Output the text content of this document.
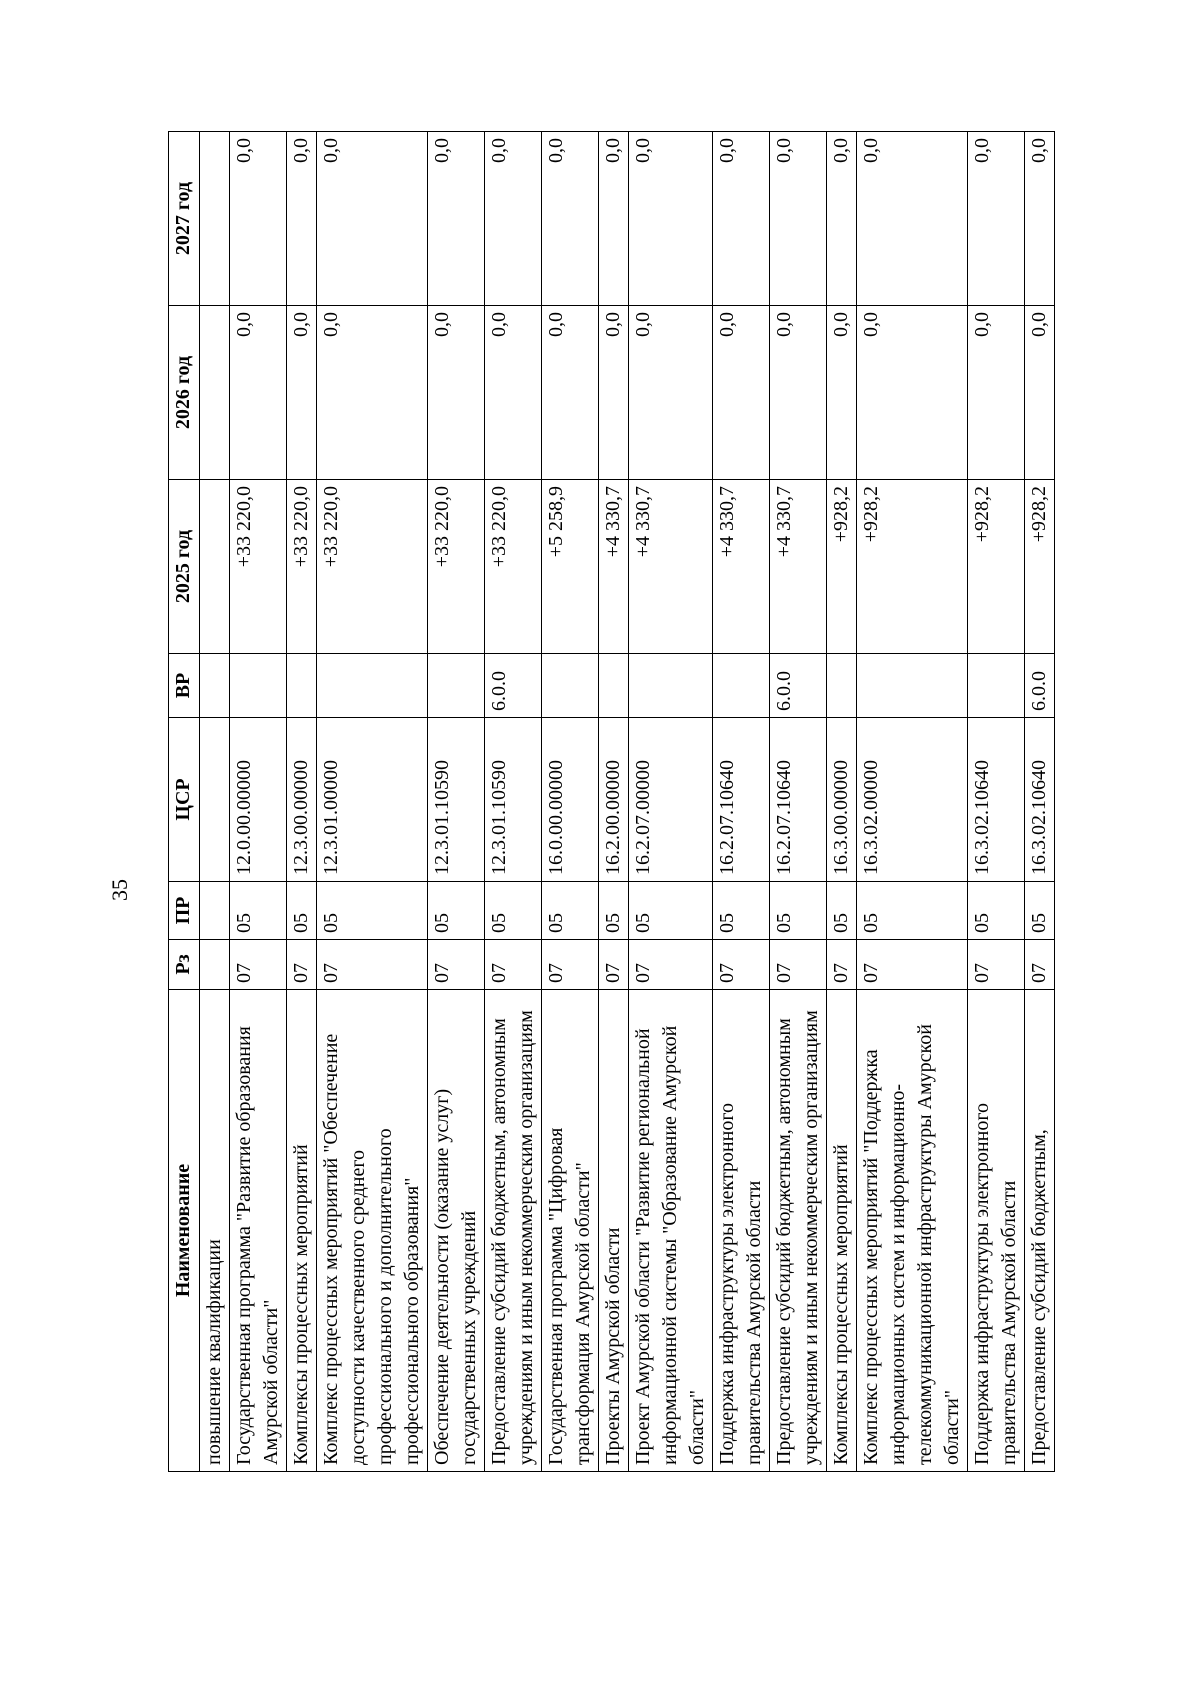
35
Наименование	Рз	ПР	ЦСР	ВР	2025 год	2026 год	2027 год
повышение квалификации							
Государственная программа "Развитие образования Амурской области"	07	05	12.0.00.00000		+33 220,0	0,0	0,0
Комплексы процессных мероприятий	07	05	12.3.00.00000		+33 220,0	0,0	0,0
Комплекс процессных мероприятий "Обеспечение доступности качественного среднего профессионального и дополнительного профессионального образования"	07	05	12.3.01.00000		+33 220,0	0,0	0,0
Обеспечение деятельности (оказание услуг) государственных учреждений	07	05	12.3.01.10590		+33 220,0	0,0	0,0
Предоставление субсидий бюджетным, автономным учреждениям и иным некоммерческим организациям	07	05	12.3.01.10590	6.0.0	+33 220,0	0,0	0,0
Государственная программа "Цифровая трансформация Амурской области"	07	05	16.0.00.00000		+5 258,9	0,0	0,0
Проекты Амурской области	07	05	16.2.00.00000		+4 330,7	0,0	0,0
Проект Амурской области "Развитие региональной информационной системы "Образование Амурской области"	07	05	16.2.07.00000		+4 330,7	0,0	0,0
Поддержка инфраструктуры электронного правительства Амурской области	07	05	16.2.07.10640		+4 330,7	0,0	0,0
Предоставление субсидий бюджетным, автономным учреждениям и иным некоммерческим организациям	07	05	16.2.07.10640	6.0.0	+4 330,7	0,0	0,0
Комплексы процессных мероприятий	07	05	16.3.00.00000		+928,2	0,0	0,0
Комплекс процессных мероприятий "Поддержка информационных систем и информационно-телекоммуникационной инфраструктуры Амурской области"	07	05	16.3.02.00000		+928,2	0,0	0,0
Поддержка инфраструктуры электронного правительства Амурской области	07	05	16.3.02.10640		+928,2	0,0	0,0
Предоставление субсидий бюджетным,	07	05	16.3.02.10640	6.0.0	+928,2	0,0	0,0
